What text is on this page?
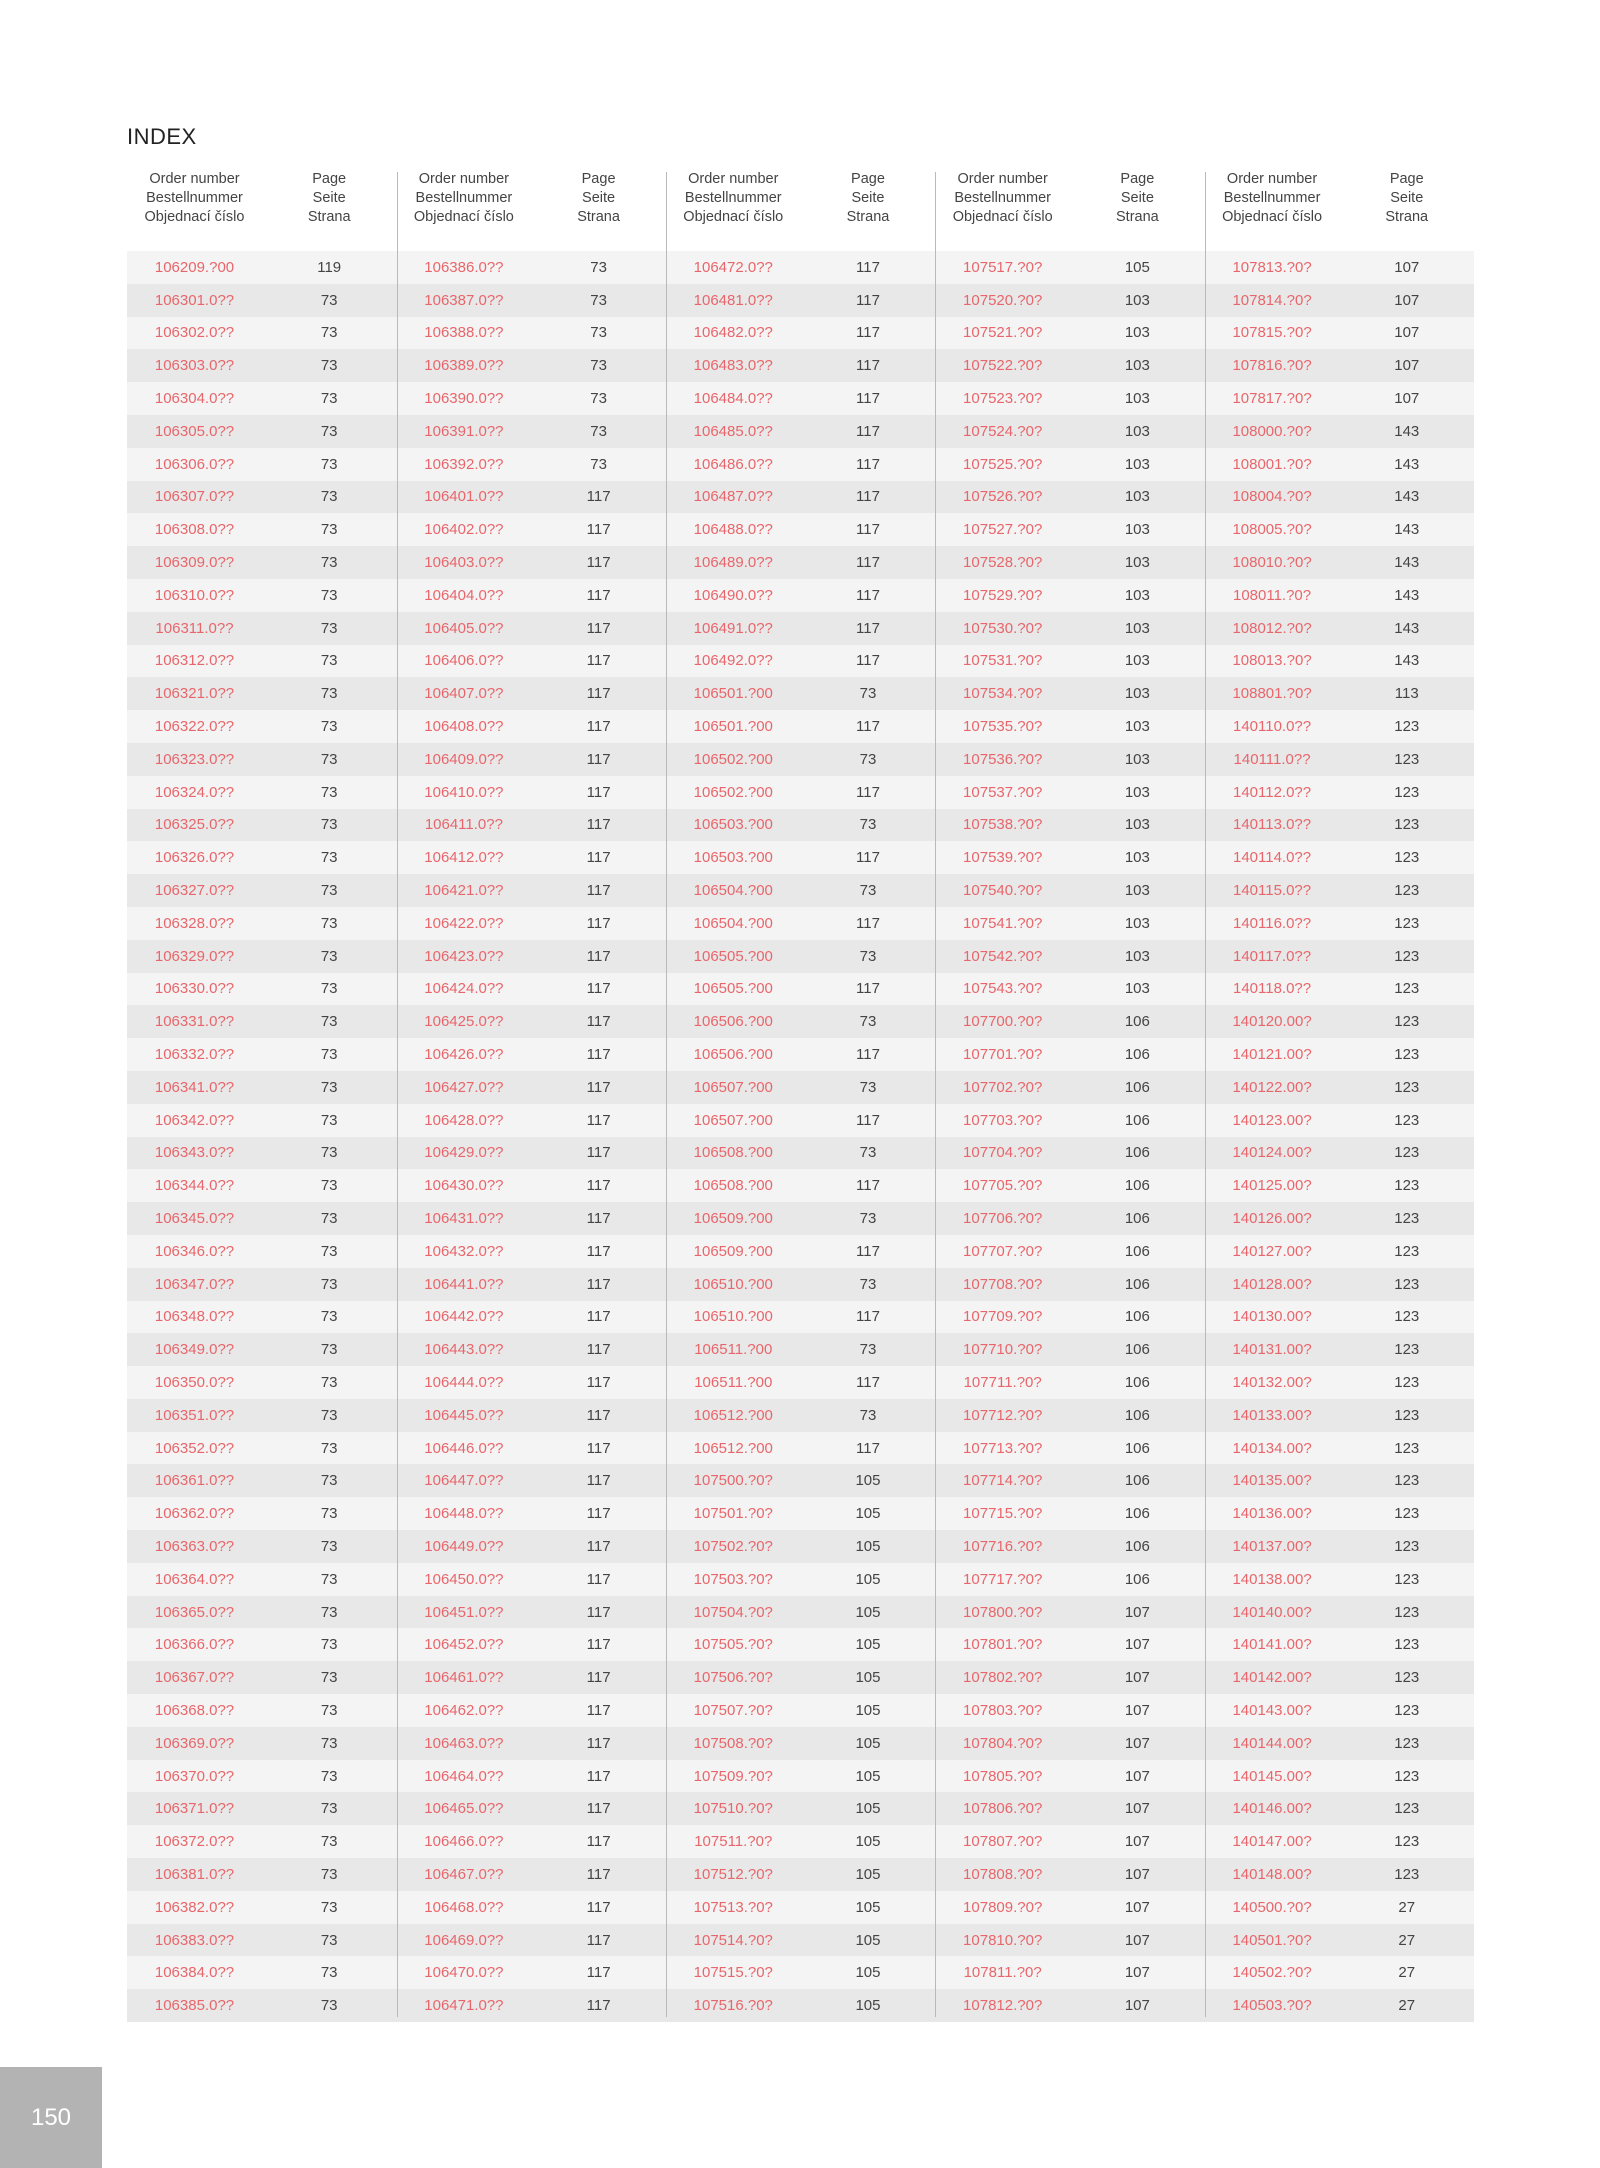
INDEX
Order number
Bestellnummer
Objednací číslo
Page
Seite
Strana
Order number
Bestellnummer
Objednací číslo
Page
Seite
Strana
Order number
Bestellnummer
Objednací číslo
Page
Seite
Strana
Order number
Bestellnummer
Objednací číslo
Page
Seite
Strana
Order number
Bestellnummer
Objednací číslo
Page
Seite
Strana
106209.?00	119	106386.0??	73	106472.0??	117	107517.?0?	105	107813.?0?	107
106301.0??	73	106387.0??	73	106481.0??	117	107520.?0?	103	107814.?0?	107
106302.0??	73	106388.0??	73	106482.0??	117	107521.?0?	103	107815.?0?	107
106303.0??	73	106389.0??	73	106483.0??	117	107522.?0?	103	107816.?0?	107
106304.0??	73	106390.0??	73	106484.0??	117	107523.?0?	103	107817.?0?	107
106305.0??	73	106391.0??	73	106485.0??	117	107524.?0?	103	108000.?0?	143
106306.0??	73	106392.0??	73	106486.0??	117	107525.?0?	103	108001.?0?	143
106307.0??	73	106401.0??	117	106487.0??	117	107526.?0?	103	108004.?0?	143
106308.0??	73	106402.0??	117	106488.0??	117	107527.?0?	103	108005.?0?	143
106309.0??	73	106403.0??	117	106489.0??	117	107528.?0?	103	108010.?0?	143
106310.0??	73	106404.0??	117	106490.0??	117	107529.?0?	103	108011.?0?	143
106311.0??	73	106405.0??	117	106491.0??	117	107530.?0?	103	108012.?0?	143
106312.0??	73	106406.0??	117	106492.0??	117	107531.?0?	103	108013.?0?	143
106321.0??	73	106407.0??	117	106501.?00	73	107534.?0?	103	108801.?0?	113
106322.0??	73	106408.0??	117	106501.?00	117	107535.?0?	103	140110.0??	123
106323.0??	73	106409.0??	117	106502.?00	73	107536.?0?	103	140111.0??	123
106324.0??	73	106410.0??	117	106502.?00	117	107537.?0?	103	140112.0??	123
106325.0??	73	106411.0??	117	106503.?00	73	107538.?0?	103	140113.0??	123
106326.0??	73	106412.0??	117	106503.?00	117	107539.?0?	103	140114.0??	123
106327.0??	73	106421.0??	117	106504.?00	73	107540.?0?	103	140115.0??	123
106328.0??	73	106422.0??	117	106504.?00	117	107541.?0?	103	140116.0??	123
106329.0??	73	106423.0??	117	106505.?00	73	107542.?0?	103	140117.0??	123
106330.0??	73	106424.0??	117	106505.?00	117	107543.?0?	103	140118.0??	123
106331.0??	73	106425.0??	117	106506.?00	73	107700.?0?	106	140120.00?	123
106332.0??	73	106426.0??	117	106506.?00	117	107701.?0?	106	140121.00?	123
106341.0??	73	106427.0??	117	106507.?00	73	107702.?0?	106	140122.00?	123
106342.0??	73	106428.0??	117	106507.?00	117	107703.?0?	106	140123.00?	123
106343.0??	73	106429.0??	117	106508.?00	73	107704.?0?	106	140124.00?	123
106344.0??	73	106430.0??	117	106508.?00	117	107705.?0?	106	140125.00?	123
106345.0??	73	106431.0??	117	106509.?00	73	107706.?0?	106	140126.00?	123
106346.0??	73	106432.0??	117	106509.?00	117	107707.?0?	106	140127.00?	123
106347.0??	73	106441.0??	117	106510.?00	73	107708.?0?	106	140128.00?	123
106348.0??	73	106442.0??	117	106510.?00	117	107709.?0?	106	140130.00?	123
106349.0??	73	106443.0??	117	106511.?00	73	107710.?0?	106	140131.00?	123
106350.0??	73	106444.0??	117	106511.?00	117	107711.?0?	106	140132.00?	123
106351.0??	73	106445.0??	117	106512.?00	73	107712.?0?	106	140133.00?	123
106352.0??	73	106446.0??	117	106512.?00	117	107713.?0?	106	140134.00?	123
106361.0??	73	106447.0??	117	107500.?0?	105	107714.?0?	106	140135.00?	123
106362.0??	73	106448.0??	117	107501.?0?	105	107715.?0?	106	140136.00?	123
106363.0??	73	106449.0??	117	107502.?0?	105	107716.?0?	106	140137.00?	123
106364.0??	73	106450.0??	117	107503.?0?	105	107717.?0?	106	140138.00?	123
106365.0??	73	106451.0??	117	107504.?0?	105	107800.?0?	107	140140.00?	123
106366.0??	73	106452.0??	117	107505.?0?	105	107801.?0?	107	140141.00?	123
106367.0??	73	106461.0??	117	107506.?0?	105	107802.?0?	107	140142.00?	123
106368.0??	73	106462.0??	117	107507.?0?	105	107803.?0?	107	140143.00?	123
106369.0??	73	106463.0??	117	107508.?0?	105	107804.?0?	107	140144.00?	123
106370.0??	73	106464.0??	117	107509.?0?	105	107805.?0?	107	140145.00?	123
106371.0??	73	106465.0??	117	107510.?0?	105	107806.?0?	107	140146.00?	123
106372.0??	73	106466.0??	117	107511.?0?	105	107807.?0?	107	140147.00?	123
106381.0??	73	106467.0??	117	107512.?0?	105	107808.?0?	107	140148.00?	123
106382.0??	73	106468.0??	117	107513.?0?	105	107809.?0?	107	140500.?0?	27
106383.0??	73	106469.0??	117	107514.?0?	105	107810.?0?	107	140501.?0?	27
106384.0??	73	106470.0??	117	107515.?0?	105	107811.?0?	107	140502.?0?	27
106385.0??	73	106471.0??	117	107516.?0?	105	107812.?0?	107	140503.?0?	27
150
